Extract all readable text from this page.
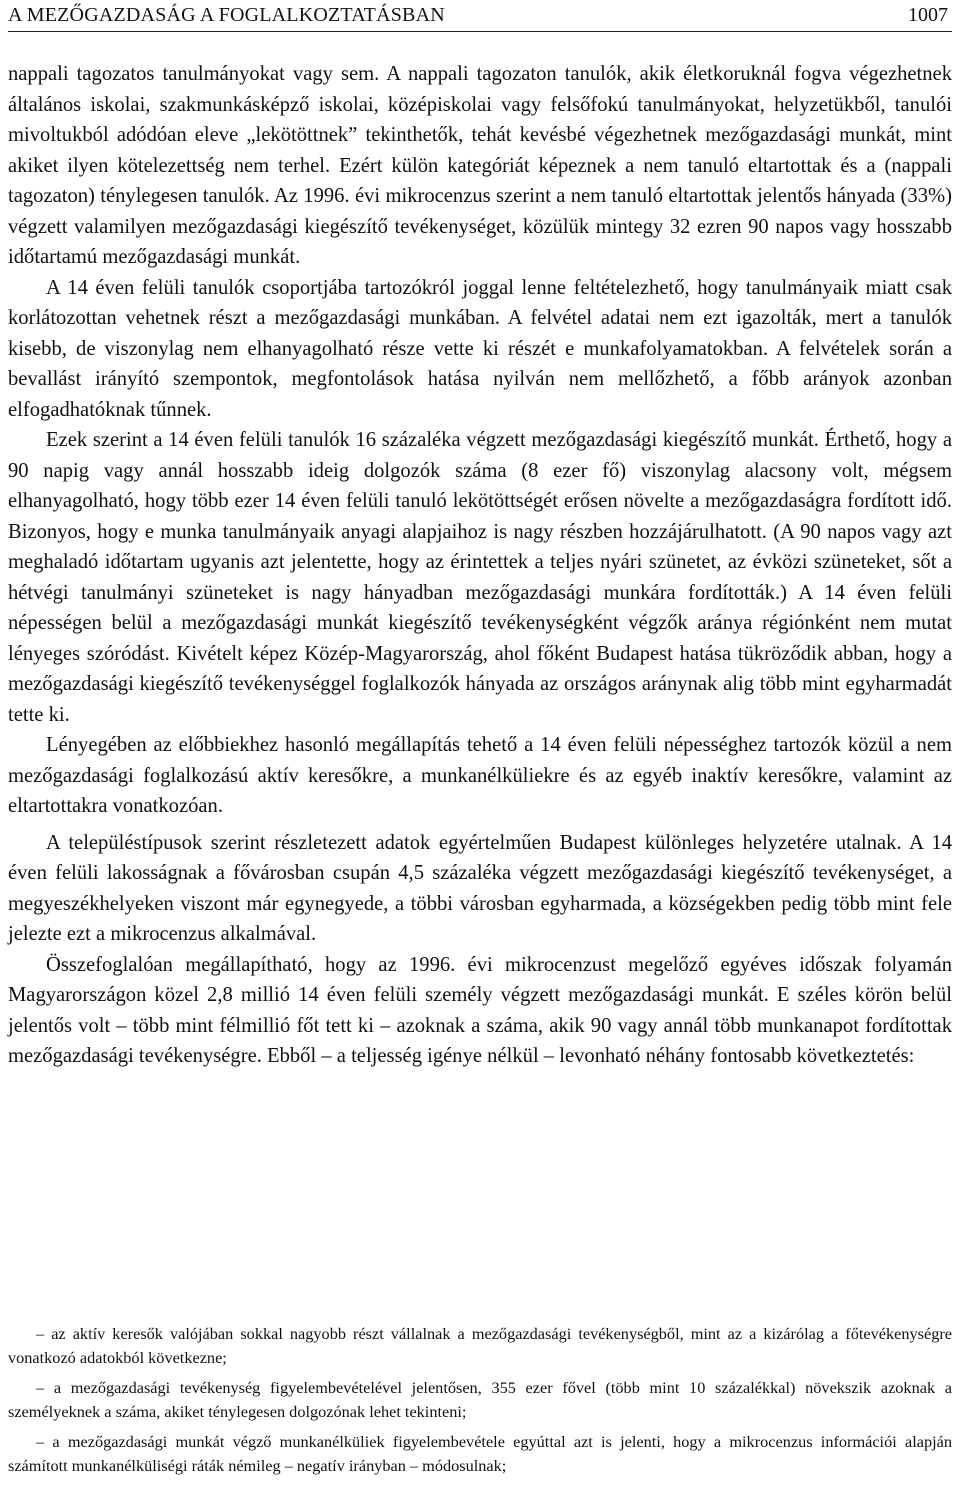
A MEZŐGAZDASÁG A FOGLALKOZTATÁSBAN	1007

nappali tagozatos tanulmányokat vagy sem. A nappali tagozaton tanulók, akik életkoruknál fogva végezhetnek általános iskolai, szakmunkásképző iskolai, középiskolai vagy felsőfokú tanulmányokat, helyzetükből, tanulói mivoltukból adódóan eleve „lekötöttnek” tekinthetők, tehát kevésbé végezhetnek mezőgazdasági munkát, mint akiket ilyen kötelezettség nem terhel. Ezért külön kategóriát képeznek a nem tanuló eltartottak és a (nappali tagozaton) ténylegesen tanulók. Az 1996. évi mikrocenzus szerint a nem tanuló eltartottak jelentős hányada (33%) végzett valamilyen mezőgazdasági kiegészítő tevékenységet, közülük mintegy 32 ezren 90 napos vagy hosszabb időtartamú mezőgazdasági munkát.

A 14 éven felüli tanulók csoportjába tartozókról joggal lenne feltételezhető, hogy tanulmányaik miatt csak korlátozottan vehetnek részt a mezőgazdasági munkában. A felvétel adatai nem ezt igazolták, mert a tanulók kisebb, de viszonylag nem elhanyagolható része vette ki részét e munkafolyamatokban. A felvételek során a bevallást irányító szempontok, megfontolások hatása nyilván nem mellőzhető, a főbb arányok azonban elfogadhatóknak tűnnek.

Ezek szerint a 14 éven felüli tanulók 16 százaléka végzett mezőgazdasági kiegészítő munkát. Érthető, hogy a 90 napig vagy annál hosszabb ideig dolgozók száma (8 ezer fő) viszonylag alacsony volt, mégsem elhanyagolható, hogy több ezer 14 éven felüli tanuló lekötöttségét erősen növelte a mezőgazdaságra fordított idő. Bizonyos, hogy e munka tanulmányaik anyagi alapjaihoz is nagy részben hozzájárulhatott. (A 90 napos vagy azt meghaladó időtartam ugyanis azt jelentette, hogy az érintettek a teljes nyári szünetet, az évközi szüneteket, sőt a hétvégi tanulmányi szüneteket is nagy hányadban mezőgazdasági munkára fordították.) A 14 éven felüli népességen belül a mezőgazdasági munkát kiegészítő tevékenységként végzők aránya régiónként nem mutat lényeges szóródást. Kivételt képez Közép-Magyarország, ahol főként Budapest hatása tükröződik abban, hogy a mezőgazdasági kiegészítő tevékenységgel foglalkozók hányada az országos aránynak alig több mint egyharmadát tette ki.

Lényegében az előbbiekhez hasonló megállapítás tehető a 14 éven felüli népességhez tartozók közül a nem mezőgazdasági foglalkozású aktív keresőkre, a munkanélküliekre és az egyéb inaktív keresőkre, valamint az eltartottakra vonatkozóan.

A településtípusok szerint részletezett adatok egyértelműen Budapest különleges helyzetére utalnak. A 14 éven felüli lakosságnak a fővárosban csupán 4,5 százaléka végzett mezőgazdasági kiegészítő tevékenységet, a megyeszékhelyeken viszont már egynegyede, a többi városban egyharmada, a községekben pedig több mint fele jelezte ezt a mikrocenzus alkalmával.

Összefoglalóan megállapítható, hogy az 1996. évi mikrocenzust megelőző egyéves időszak folyamán Magyarországon közel 2,8 millió 14 éven felüli személy végzett mezőgazdasági munkát. E széles körön belül jelentős volt – több mint félmillió főt tett ki – azoknak a száma, akik 90 vagy annál több munkanapot fordítottak mezőgazdasági tevékenységre. Ebből – a teljesség igénye nélkül – levonható néhány fontosabb következtetés:

– az aktív keresők valójában sokkal nagyobb részt vállalnak a mezőgazdasági tevékenységből, mint az a kizárólag a főtevékenységre vonatkozó adatokból következne;

– a mezőgazdasági tevékenység figyelembevételével jelentősen, 355 ezer fővel (több mint 10 százalékkal) növekszik azoknak a személyeknek a száma, akiket ténylegesen dolgozónak lehet tekinteni;

– a mezőgazdasági munkát végző munkanélküliek figyelembevétele egyúttal azt is jelenti, hogy a mikrocenzus információi alapján számított munkanélküliségi ráták némileg – negatív irányban – módosulnak;
